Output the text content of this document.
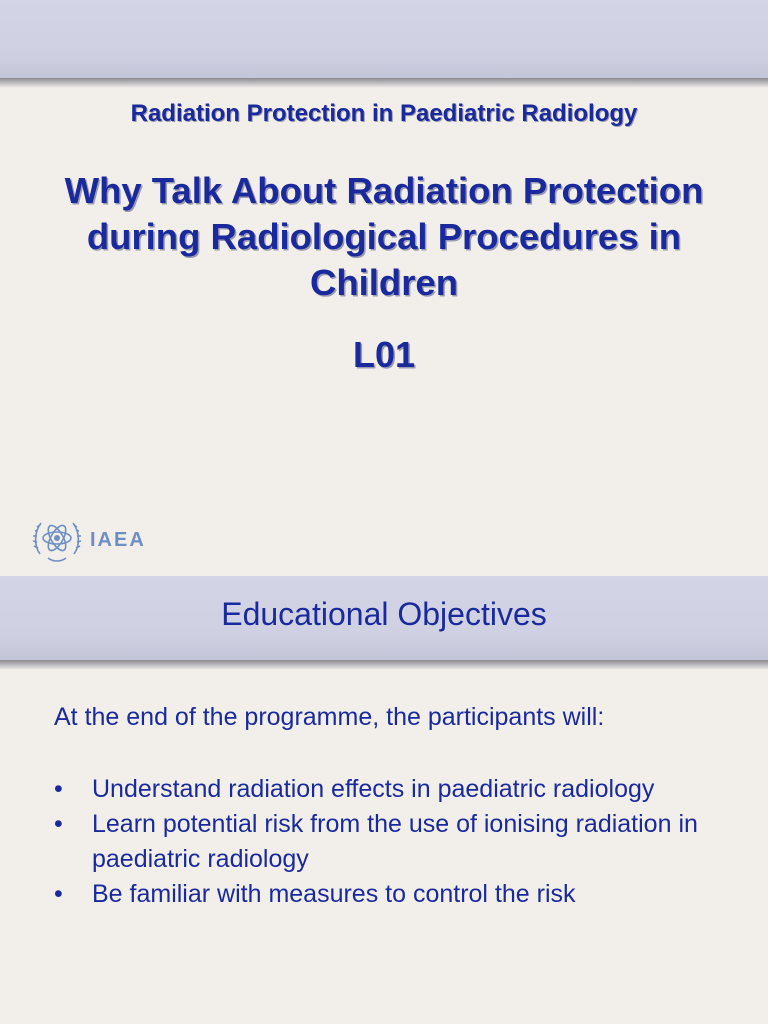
Radiation Protection in Paediatric Radiology
Why Talk About Radiation Protection during Radiological Procedures in Children
L01
IAEA
Educational Objectives
At the end of the programme, the participants will:
•	Understand radiation effects in paediatric radiology
•	Learn potential risk from the use of ionising radiation in paediatric radiology
•	Be familiar with measures to control the risk
